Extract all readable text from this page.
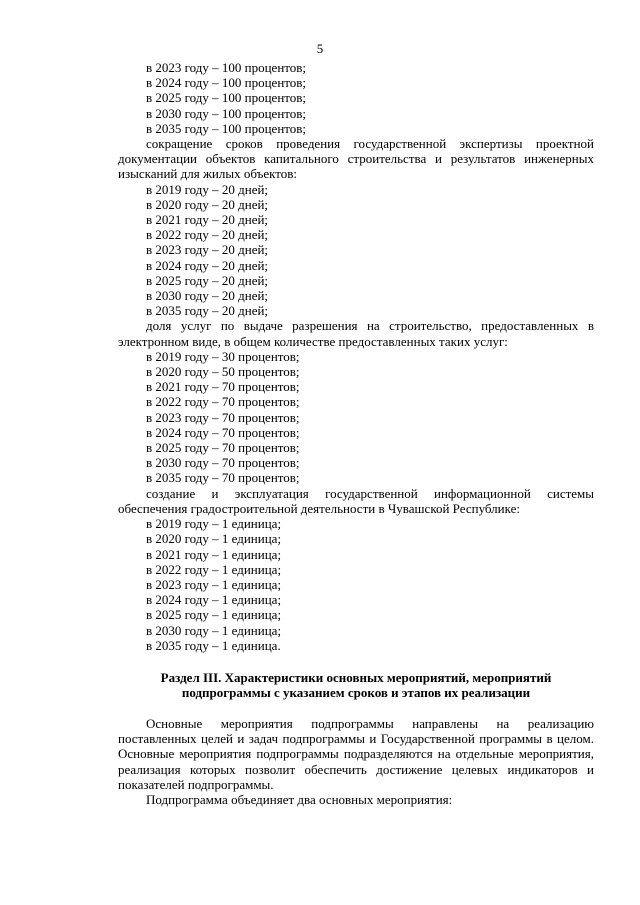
5
в 2023 году – 100 процентов;
в 2024 году – 100 процентов;
в 2025 году – 100 процентов;
в 2030 году – 100 процентов;
в 2035 году – 100 процентов;
сокращение сроков проведения государственной экспертизы проектной документации объектов капитального строительства и результатов инженерных изысканий для жилых объектов:
в 2019 году – 20 дней;
в 2020 году – 20 дней;
в 2021 году – 20 дней;
в 2022 году – 20 дней;
в 2023 году – 20 дней;
в 2024 году – 20 дней;
в 2025 году – 20 дней;
в 2030 году – 20 дней;
в 2035 году – 20 дней;
доля услуг по выдаче разрешения на строительство, предоставленных в электронном виде, в общем количестве предоставленных таких услуг:
в 2019 году – 30 процентов;
в 2020 году – 50 процентов;
в 2021 году – 70 процентов;
в 2022 году – 70 процентов;
в 2023 году – 70 процентов;
в 2024 году – 70 процентов;
в 2025 году – 70 процентов;
в 2030 году – 70 процентов;
в 2035 году – 70 процентов;
создание и эксплуатация государственной информационной системы обеспечения градостроительной деятельности в Чувашской Республике:
в 2019 году – 1 единица;
в 2020 году – 1 единица;
в 2021 году – 1 единица;
в 2022 году – 1 единица;
в 2023 году – 1 единица;
в 2024 году – 1 единица;
в 2025 году – 1 единица;
в 2030 году – 1 единица;
в 2035 году – 1 единица.
Раздел III. Характеристики основных мероприятий, мероприятий
подпрограммы с указанием сроков и этапов их реализации
Основные мероприятия подпрограммы направлены на реализацию поставленных целей и задач подпрограммы и Государственной программы в целом. Основные мероприятия подпрограммы подразделяются на отдельные мероприятия, реализация которых позволит обеспечить достижение целевых индикаторов и показателей подпрограммы.
Подпрограмма объединяет два основных мероприятия:
